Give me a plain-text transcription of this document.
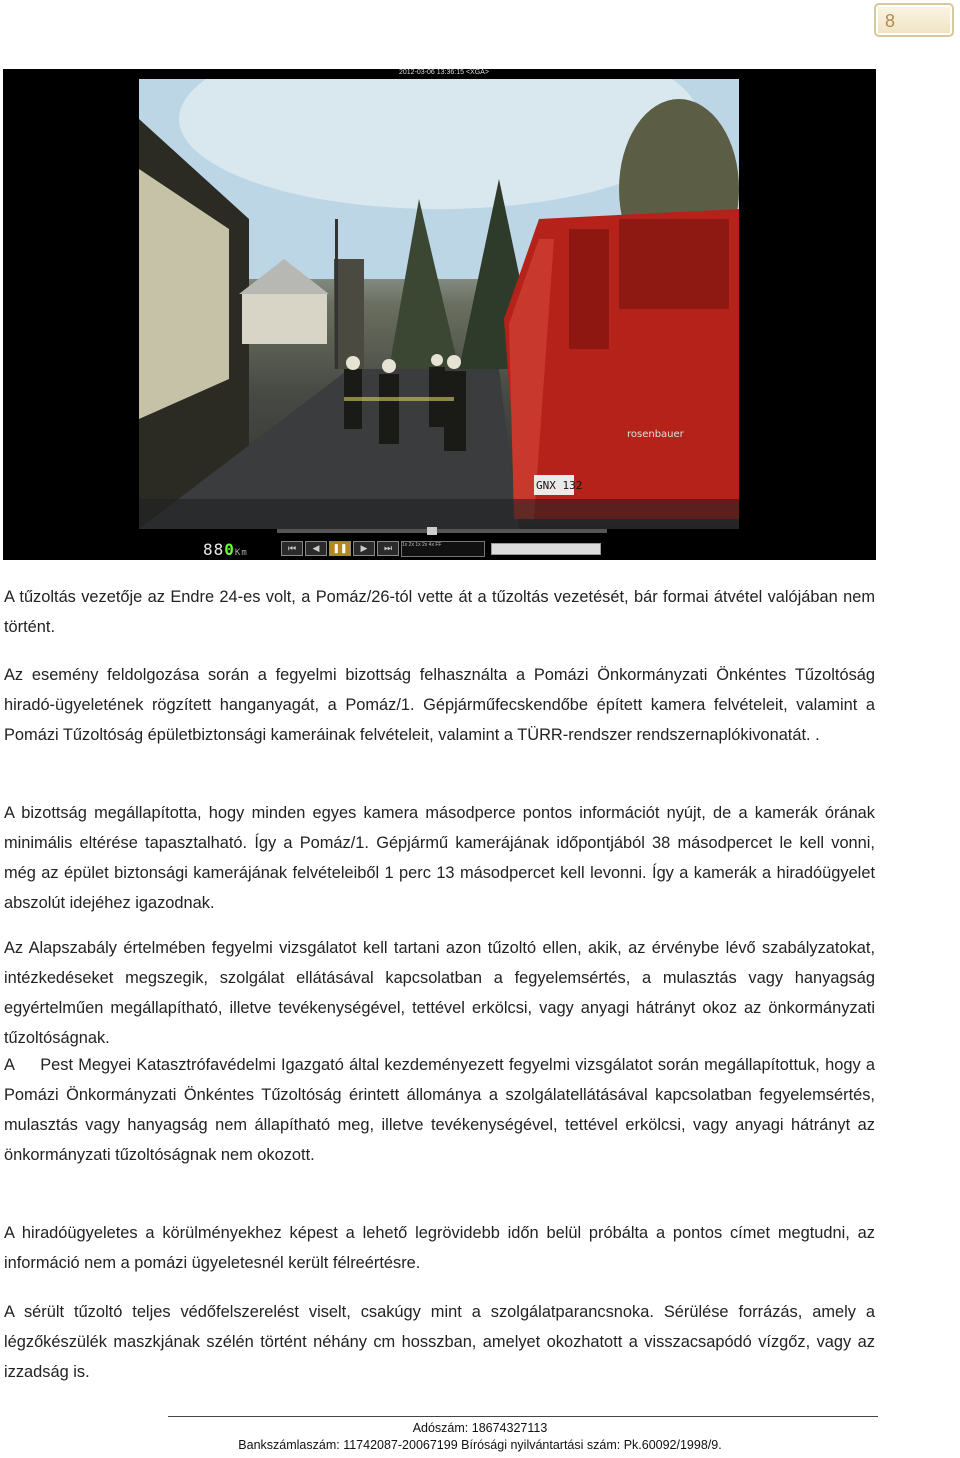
8
2012-03-06 13:36:15 <XGA>
GNX 132
rosenbauer
880Km	⏮	◀	❚❚	▶	⏭	1x 2x 1x 2x 4x FF

A tűzoltás vezetője az Endre 24-es volt, a Pomáz/26-tól vette át a tűzoltás vezetését, bár formai átvétel valójában nem történt.

Az esemény feldolgozása során a fegyelmi bizottság felhasználta a Pomázi Önkormányzati Önkéntes Tűzoltóság hiradó-ügyeletének rögzített hanganyagát, a Pomáz/1. Gépjárműfecskendőbe épített kamera felvételeit, valamint a Pomázi Tűzoltóság épületbiztonsági kameráinak felvételeit, valamint a TÜRR-rendszer rendszernaplókivonatát. .

A bizottság megállapította, hogy minden egyes kamera másodperce pontos információt nyújt, de a kamerák órának minimális eltérése tapasztalható. Így a Pomáz/1. Gépjármű kamerájának időpontjából 38 másodpercet le kell vonni, még az épület biztonsági kamerájának felvételeiből 1 perc 13 másodpercet kell levonni. Így a kamerák a hiradóügyelet abszolút idejéhez igazodnak.

Az Alapszabály értelmében fegyelmi vizsgálatot kell tartani azon tűzoltó ellen, akik, az érvénybe lévő szabályzatokat, intézkedéseket megszegik, szolgálat ellátásával kapcsolatban a fegyelemsértés, a mulasztás vagy hanyagság egyértelműen megállapítható, illetve tevékenységével, tettével erkölcsi, vagy anyagi hátrányt okoz az önkormányzati tűzoltóságnak.

A     Pest Megyei Katasztrófavédelmi Igazgató által kezdeményezett fegyelmi vizsgálatot során megállapítottuk, hogy a Pomázi Önkormányzati Önkéntes Tűzoltóság érintett állománya a szolgálatellátásával kapcsolatban fegyelemsértés, mulasztás vagy hanyagság nem állapítható meg, illetve tevékenységével, tettével erkölcsi, vagy anyagi hátrányt az önkormányzati tűzoltóságnak nem okozott.

A hiradóügyeletes a körülményekhez képest a lehető legrövidebb időn belül próbálta a pontos címet megtudni, az információ nem a pomázi ügyeletesnél került félreértésre.

A sérült tűzoltó teljes védőfelszerelést viselt, csakúgy mint a szolgálatparancsnoka. Sérülése forrázás, amely a légzőkészülék maszkjának szélén történt néhány cm hosszban, amelyet okozhatott a visszacsapódó vízgőz, vagy az izzadság is.

Adószám: 18674327113
Bankszámlaszám: 11742087-20067199 Bírósági nyilvántartási szám: Pk.60092/1998/9.
